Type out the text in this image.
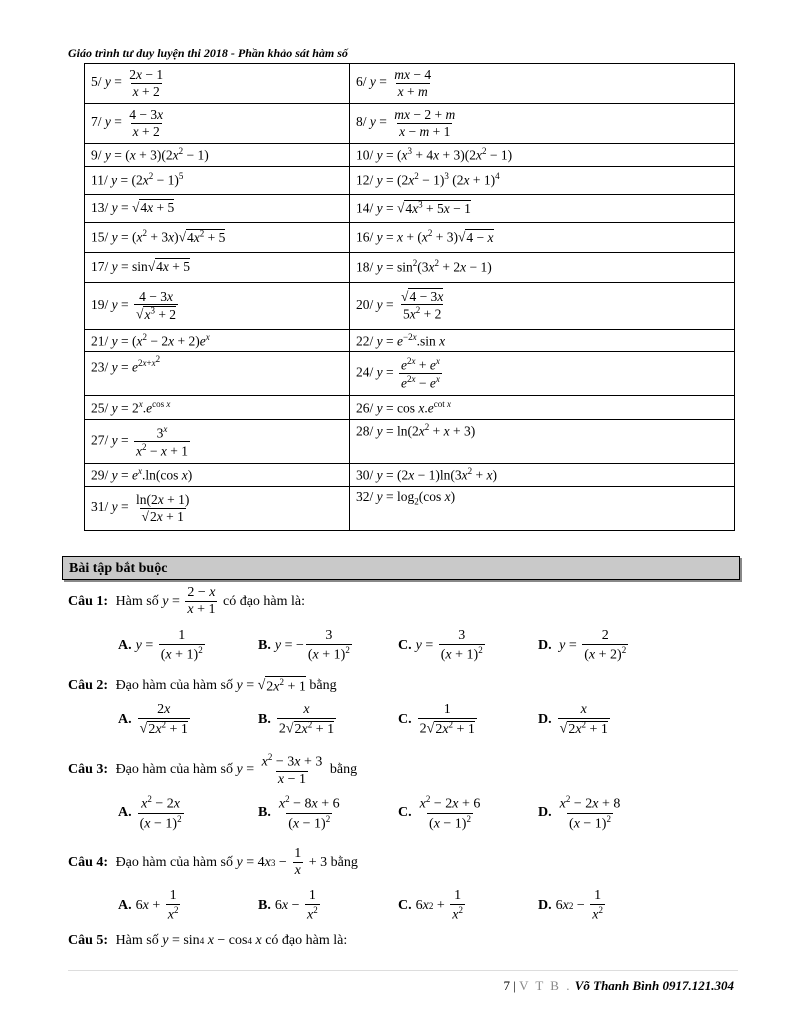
Giáo trình tư duy luyện thi 2018 - Phần khảo sát hàm số
5/ $y = \frac{2x - 1}{x + 2}$	6/ $y = \frac{mx - 4}{x + m}$

7/ $y = \frac{4 - 3x}{x + 2}$	8/ $y = \frac{mx - 2 + m}{x - m + 1}$

9/ $y = (x + 3)(2x^2 - 1)$	10/ $y = (x^3 + 4x + 3)(2x^2 - 1)$
11/ $y = (2x^2 - 1)^5$	12/ $y = (2x^2 - 1)^3$ $(2x + 1)^4$
13/ y = √4x + 5	14/ $y = √4x^3 + 5x - 1$
15/ $y = (x^2 + 3x)√4x^2 + 5$	16/ $y = x + (x^2 + 3)√4 - x$
17/ y = sin√4x + 5	18/ $y = \sin^2(3x^2 + 2x - 1)$
19/ $y = \frac{4 - 3x}{√x^3 + 2}$	20/ $y = \frac{√4 - 3x}{5x^2 + 2}$

21/ $y = (x^2 - 2x + 2)e^x$	22/ $y = e^{-2x}.\sin$ x
23/ $y = e^{2x+x^2}$	24/ $y = \frac{e^{2x} + e^x}{e^{2x} - e^x}$

25/ $y = 2^x.e^{cos x}$	26/ $y = \cos x.e^{cot x}$
27/ $y = \frac{3^x}{x^2 - x + 1}$	28/ $y = \ln(2x^2 + x + 3)$
29/ $y = e^x.\ln(\cos$ x)	30/ $y = (2x - 1)\ln(3x^2 + x)$
31/ $y = \frac{\ln(2x + 1)}{√2x + 1}$	32/ $y = \log_2(\cos$ x)
Bài tập bắt buộc
Câu 1:
Hàm số
y =
2 − x
x + 1

có đạo hàm là:
A. y =
1
$(x + 1)^2$	B. y = −
3
$(x + 1)^2$	C. y =
3
$(x + 1)^2$	D.
y =
2
$(x + 2)^2$
Câu 2:
Đạo hàm của hàm số
y = √ $2x^2 + 1$
bằng
A.
2x
$√2x^2 + 1$
B.
x
$2√2x^2 + 1$
C.
1
$2√2x^2 + 1$
D.
x
$√2x^2 + 1$
Câu 3:
Đạo hàm của hàm số
$y = x^2 - 3x + 3$
x − 1

bằng
A.
$x^2 - 2x$
$(x - 1)^2$	B.
$x^2 - 8x + 6$
$(x - 1)^2$	C.
$x^2 - 2x + 6$
$(x - 1)^2$	D.
$x^2 - 2x + 8$
$(x - 1)^2$
Câu 4:
Đạo hàm của hàm số
y = 4 x 3 −
1
x
+ 3 bằng
A. 6 x +
1
$x^2$	B. 6 x −
1
$x^2$	C. 6 x 2 +
1
$x^2$	D. 6 x 2 −
1
$x^2$
Câu 5:
Hàm số
y = sin 4
x − cos 4
x
có đạo hàm là:
7 | V T B . Võ Thanh Bình 0917.121.304
